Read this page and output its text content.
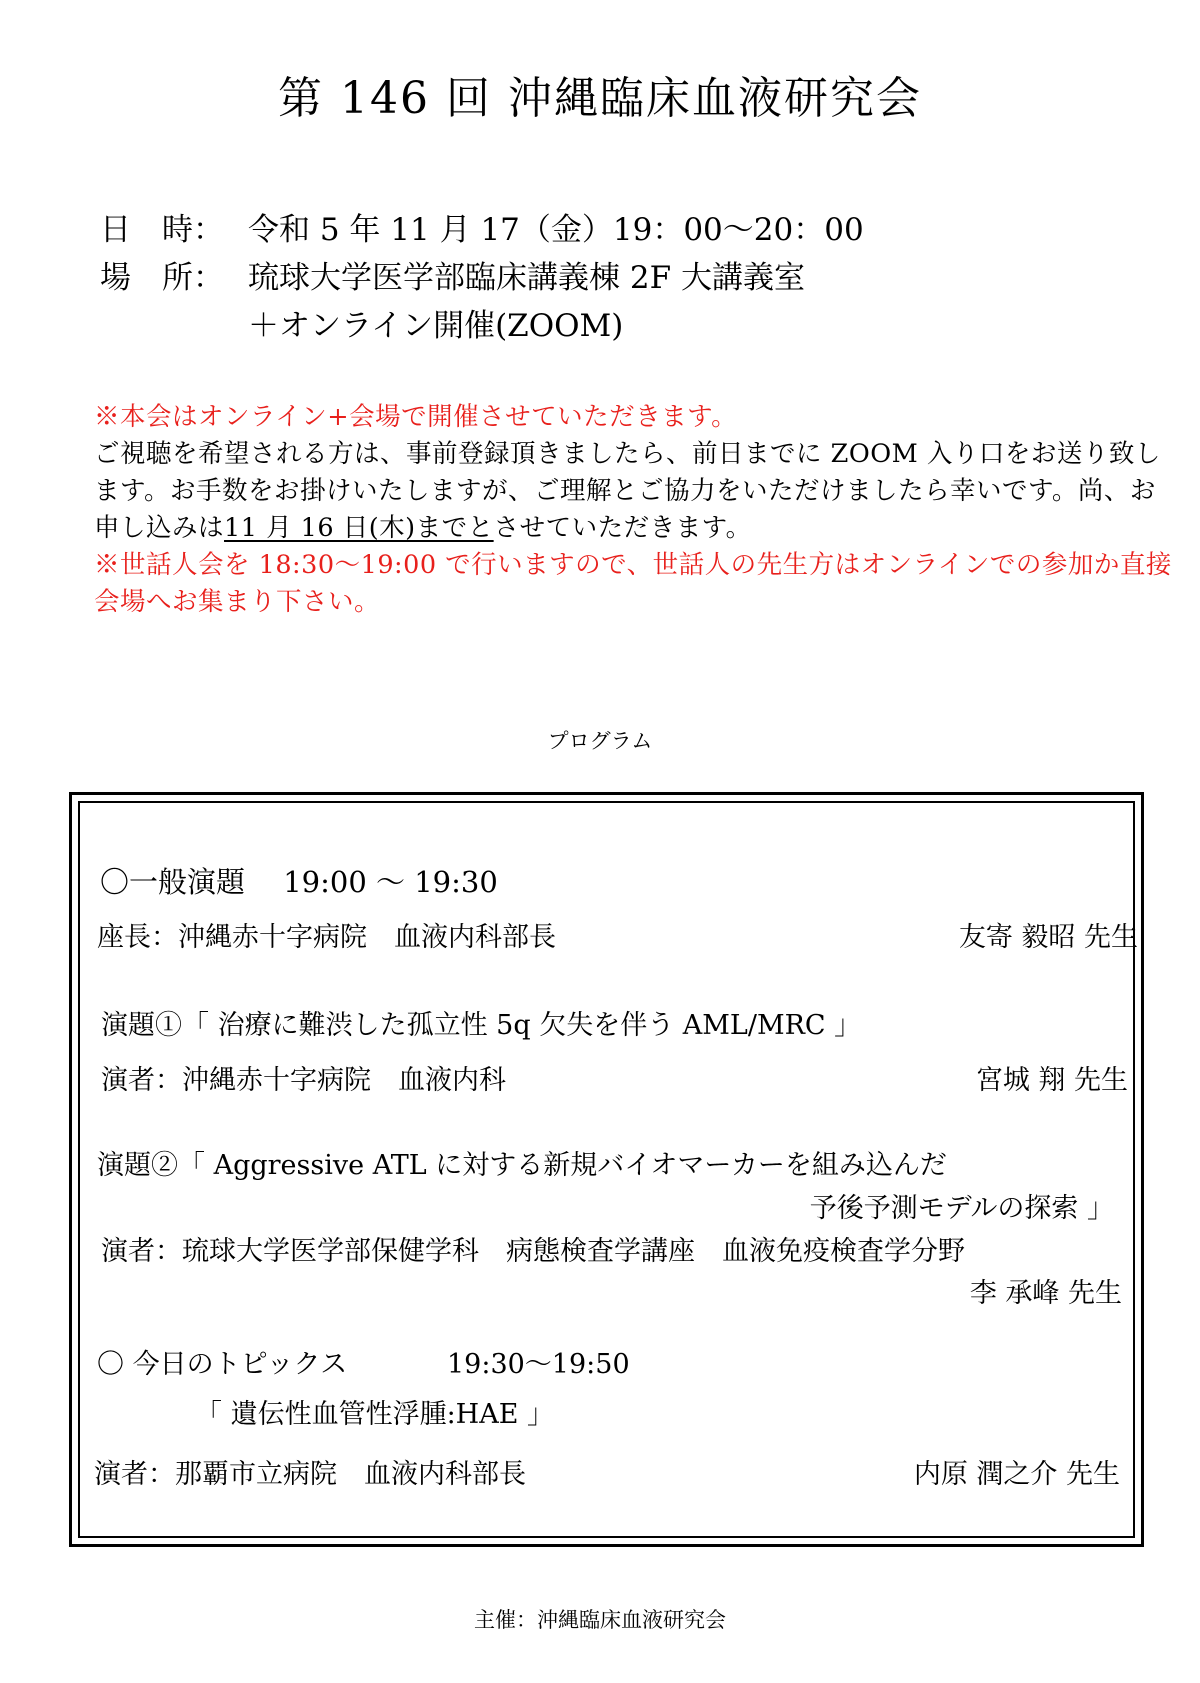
第 146 回 沖縄臨床血液研究会
日　時： 令和 5 年 11 月 17（金）19：00～20：00
場　所： 琉球大学医学部臨床講義棟 2F 大講義室
＋オンライン開催(ZOOM)
※本会はオンライン+会場で開催させていただきます。
ご視聴を希望される方は、事前登録頂きましたら、前日までに ZOOM 入り口をお送り致します。お手数をお掛けいたしますが、ご理解とご協力をいただけましたら幸いです。尚、お申し込みは11 月 16 日(木)までとさせていただきます。
※世話人会を 18:30～19:00 で行いますので、世話人の先生方はオンラインでの参加か直接会場へお集まり下さい。
プログラム
〇一般演題　 19:00 ～ 19:30
座長：沖縄赤十字病院　血液内科部長	友寄 毅昭 先生
演題①「 治療に難渋した孤立性 5q 欠失を伴う AML/MRC 」
演者：沖縄赤十字病院　血液内科	宮城 翔 先生
演題②「 Aggressive ATL に対する新規バイオマーカーを組み込んだ
予後予測モデルの探索 」
演者：琉球大学医学部保健学科　病態検査学講座　血液免疫検査学分野
李 承峰 先生
〇 今日のトピックス	19:30～19:50
「 遺伝性血管性浮腫:HAE 」
演者：那覇市立病院　血液内科部長	内原 潤之介 先生
主催：沖縄臨床血液研究会
